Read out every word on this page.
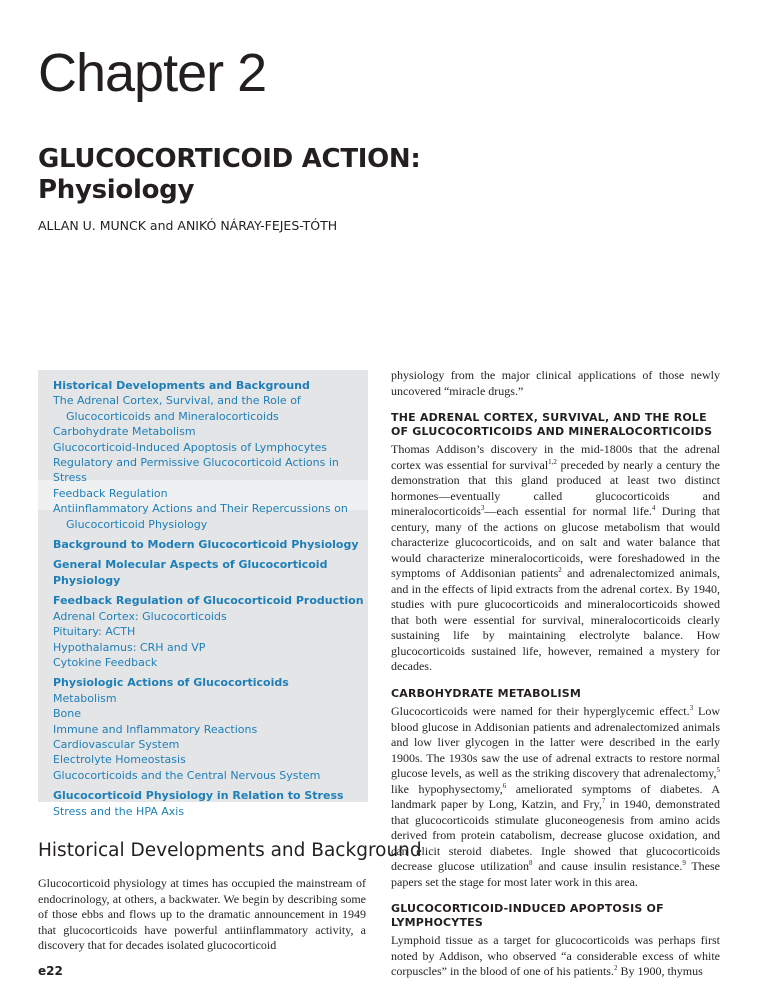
Chapter 2
GLUCOCORTICOID ACTION:
Physiology
ALLAN U. MUNCK and ANIKÓ NÁRAY-FEJES-TÓTH
Historical Developments and Background
The Adrenal Cortex, Survival, and the Role of
Glucocorticoids and Mineralocorticoids
Carbohydrate Metabolism
Glucocorticoid-Induced Apoptosis of Lymphocytes
Regulatory and Permissive Glucocorticoid Actions in Stress
Feedback Regulation
Antiinflammatory Actions and Their Repercussions on
Glucocorticoid Physiology
Background to Modern Glucocorticoid Physiology
General Molecular Aspects of Glucocorticoid Physiology
Feedback Regulation of Glucocorticoid Production
Adrenal Cortex: Glucocorticoids
Pituitary: ACTH
Hypothalamus: CRH and VP
Cytokine Feedback
Physiologic Actions of Glucocorticoids
Metabolism
Bone
Immune and Inflammatory Reactions
Cardiovascular System
Electrolyte Homeostasis
Glucocorticoids and the Central Nervous System
Glucocorticoid Physiology in Relation to Stress
Stress and the HPA Axis

Glucocorticoid physiology at times has occupied the mainstream of endocrinology, at others, a backwater. We begin by describing some of those ebbs and flows up to the dramatic announcement in 1949 that glucocorticoids have powerful antiinflammatory activity, a discovery that for decades isolated glucocorticoid

Historical Developments and Background

physiology from the major clinical applications of those newly uncovered “miracle drugs.”

THE ADRENAL CORTEX, SURVIVAL, AND THE ROLE OF GLUCOCORTICOIDS AND MINERALOCORTICOIDS

Thomas Addison’s discovery in the mid-1800s that the adrenal cortex was essential for survival$^{1,2}$ preceded by nearly a century the demonstration that this gland produced at least two distinct hormones—eventually called glucocorticoids and mineralocorticoids$^3$—each essential for normal life.$^4$ During that century, many of the actions on glucose metabolism that would characterize glucocorticoids, and on salt and water balance that would characterize mineralocorticoids, were foreshadowed in the symptoms of Addisonian patients$^2$ and adrenalectomized animals, and in the effects of lipid extracts from the adrenal cortex. By 1940, studies with pure glucocorticoids and mineralocorticoids showed that both were essential for survival, mineralocorticoids clearly sustaining life by maintaining electrolyte balance. How glucocorticoids sustained life, however, remained a mystery for decades.

CARBOHYDRATE METABOLISM

Glucocorticoids were named for their hyperglycemic effect.$^3$ Low blood glucose in Addisonian patients and adrenalectomized animals and low liver glycogen in the latter were described in the early 1900s. The 1930s saw the use of adrenal extracts to restore normal glucose levels, as well as the striking discovery that adrenalectomy,$^5$ like hypophysectomy,$^6$ ameliorated symptoms of diabetes. A landmark paper by Long, Katzin, and Fry,$^7$ in 1940, demonstrated that glucocorticoids stimulate gluconeogenesis from amino acids derived from protein catabolism, decrease glucose oxidation, and can elicit steroid diabetes. Ingle showed that glucocorticoids decrease glucose utilization$^8$ and cause insulin resistance.$^9$ These papers set the stage for most later work in this area.

GLUCOCORTICOID-INDUCED APOPTOSIS OF LYMPHOCYTES

Lymphoid tissue as a target for glucocorticoids was perhaps first noted by Addison, who observed “a considerable excess of white corpuscles” in the blood of one of his patients.$^2$ By 1900, thymus

e22
